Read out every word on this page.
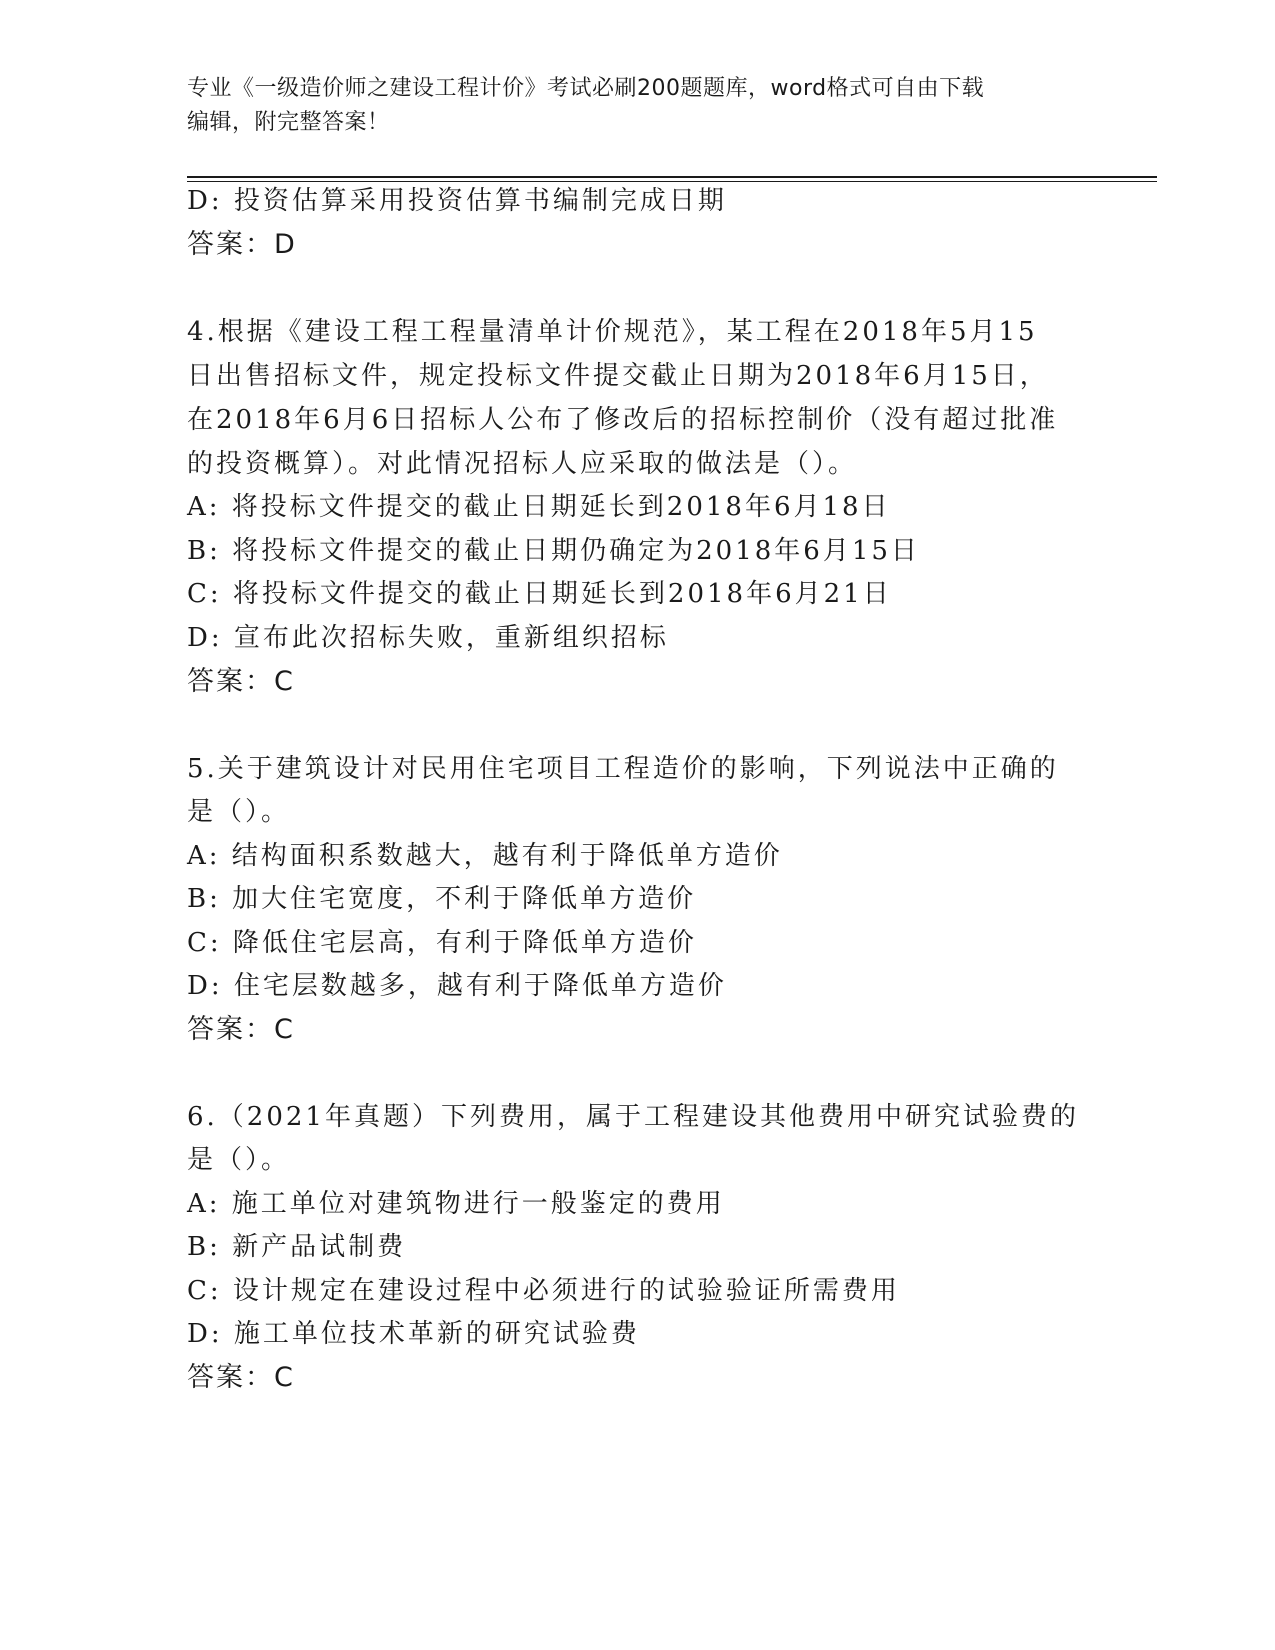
专业《一级造价师之建设工程计价》考试必刷200题题库，word格式可自由下载
编辑，附完整答案！
D: 投资估算采用投资估算书编制完成日期
答案：D
4.根据《建设工程工程量清单计价规范》，某工程在2018年5月15
日出售招标文件，规定投标文件提交截止日期为2018年6月15日，
在2018年6月6日招标人公布了修改后的招标控制价（没有超过批准
的投资概算）。对此情况招标人应采取的做法是（）。
A: 将投标文件提交的截止日期延长到2018年6月18日
B: 将投标文件提交的截止日期仍确定为2018年6月15日
C: 将投标文件提交的截止日期延长到2018年6月21日
D: 宣布此次招标失败，重新组织招标
答案：C
5.关于建筑设计对民用住宅项目工程造价的影响，下列说法中正确的
是（）。
A: 结构面积系数越大，越有利于降低单方造价
B: 加大住宅宽度，不利于降低单方造价
C: 降低住宅层高，有利于降低单方造价
D: 住宅层数越多，越有利于降低单方造价
答案：C
6.（2021年真题）下列费用，属于工程建设其他费用中研究试验费的
是（）。
A: 施工单位对建筑物进行一般鉴定的费用
B: 新产品试制费
C: 设计规定在建设过程中必须进行的试验验证所需费用
D: 施工单位技术革新的研究试验费
答案：C
